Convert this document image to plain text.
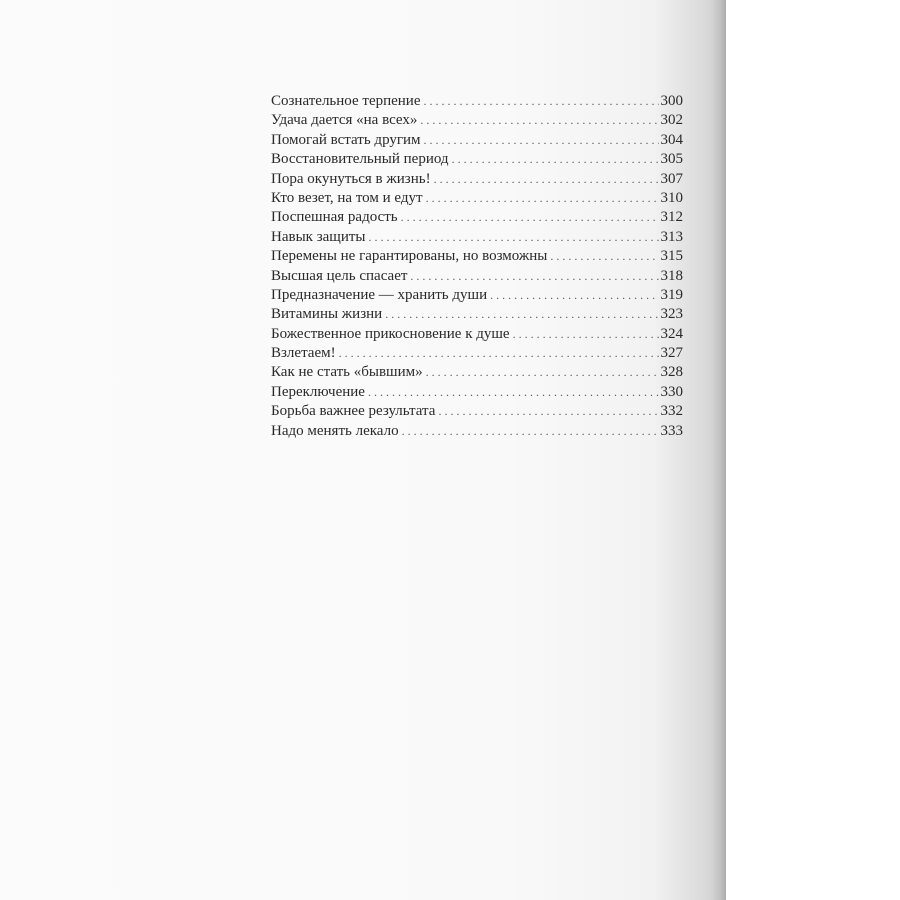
Сознательное терпение . . .	300
Удача дается «на всех» . . .	302
Помогай встать другим . . .	304
Восстановительный период . . .	305
Пора окунуться в жизнь! . . .	307
Кто везет, на том и едут . . .	310
Поспешная радость . . .	312
Навык защиты . . .	313
Перемены не гарантированы, но возможны . . .	315
Высшая цель спасает . . .	318
Предназначение — хранить души . . .	319
Витамины жизни . . .	323
Божественное прикосновение к душе . . .	324
Взлетаем! . . .	327
Как не стать «бывшим» . . .	328
Переключение . . .	330
Борьба важнее результата . . .	332
Надо менять лекало . . .	333
